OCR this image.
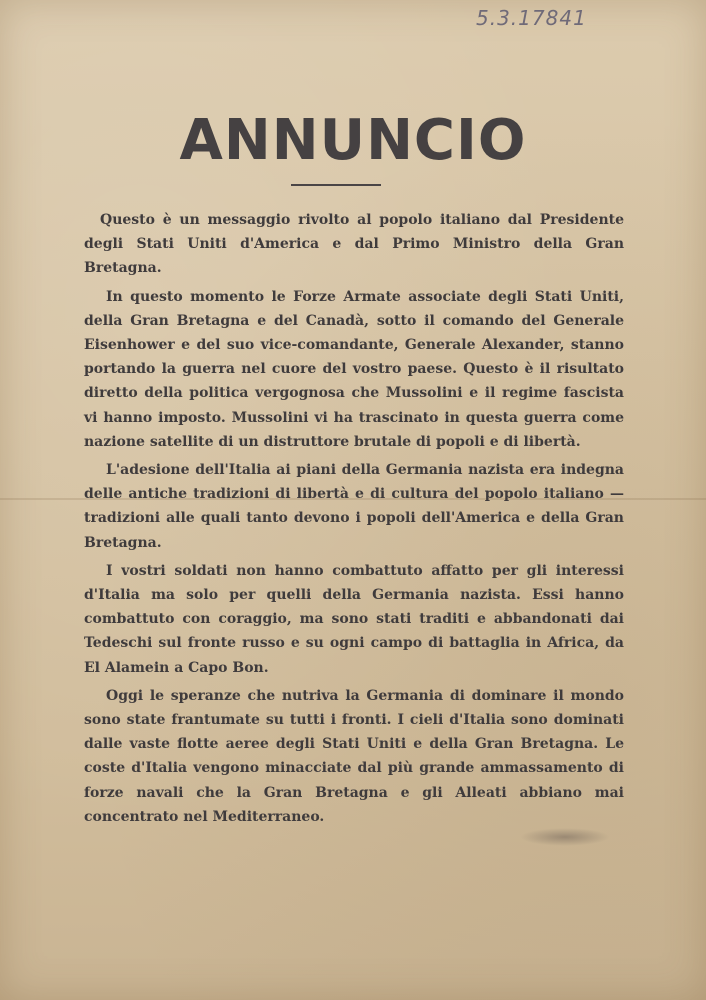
5.3.17841
ANNUNCIO

Questo è un messaggio rivolto al popolo italiano dal Presidente degli Stati Uniti d'America e dal Primo Ministro della Gran Bretagna.

In questo momento le Forze Armate associate degli Stati Uniti, della Gran Bretagna e del Canadà, sotto il comando del Generale Eisenhower e del suo vice-comandante, Generale Alexander, stanno portando la guerra nel cuore del vostro paese. Questo è il risultato diretto della politica vergognosa che Mussolini e il regime fascista vi hanno imposto. Mussolini vi ha trascinato in questa guerra come nazione satellite di un distruttore brutale di popoli e di libertà.

L'adesione dell'Italia ai piani della Germania nazista era indegna delle antiche tradizioni di libertà e di cultura del popolo italiano — tradizioni alle quali tanto devono i popoli dell'America e della Gran Bretagna.

I vostri soldati non hanno combattuto affatto per gli interessi d'Italia ma solo per quelli della Germania nazista. Essi hanno combattuto con coraggio, ma sono stati traditi e abbandonati dai Tedeschi sul fronte russo e su ogni campo di battaglia in Africa, da El Alamein a Capo Bon.

Oggi le speranze che nutriva la Germania di dominare il mondo sono state frantumate su tutti i fronti. I cieli d'Italia sono dominati dalle vaste flotte aeree degli Stati Uniti e della Gran Bretagna. Le coste d'Italia vengono minacciate dal più grande ammassamento di forze navali che la Gran Bretagna e gli Alleati abbiano mai concentrato nel Mediterraneo.
